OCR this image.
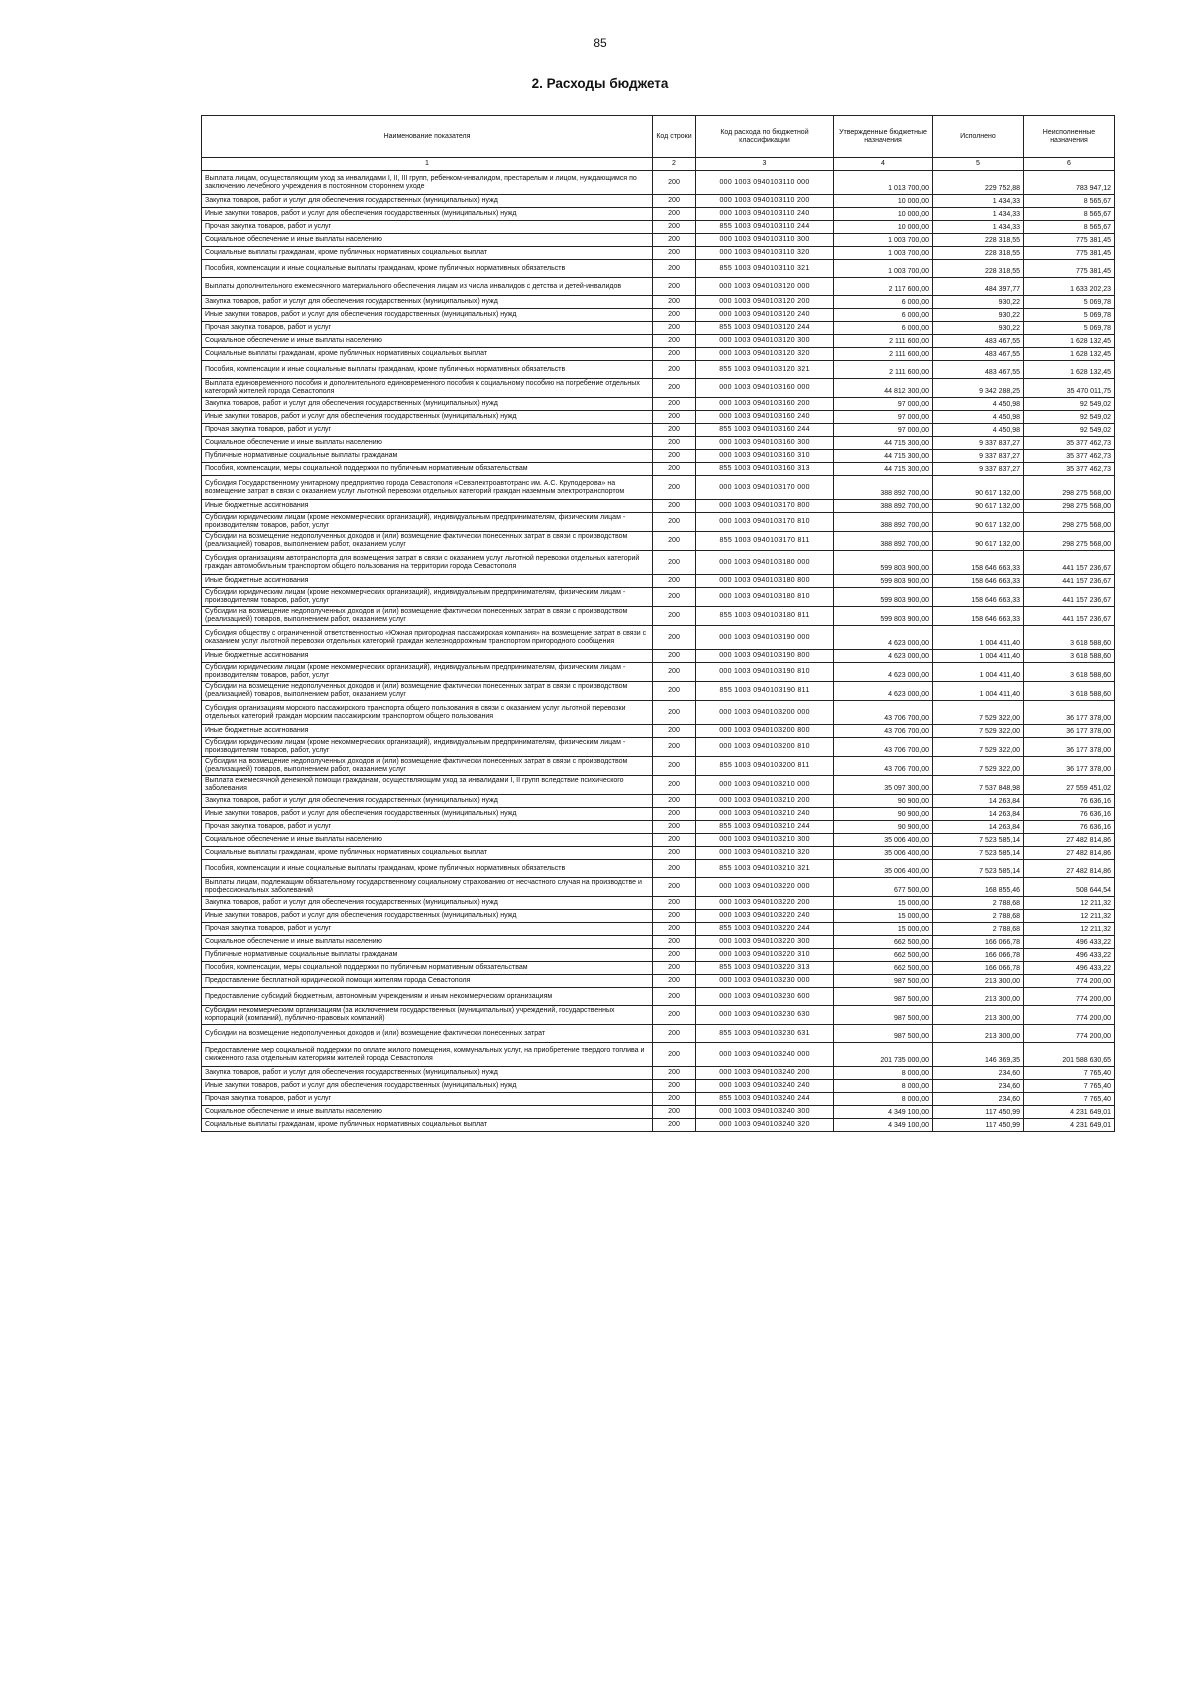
85
2. Расходы бюджета
Наименование показателя	Код строки	Код расхода по бюджетной классификации	Утвержденные бюджетные назначения	Исполнено	Неисполненные назначения
1	2	3	4	5	6
Выплата лицам, осуществляющим уход за инвалидами I, II, III групп, ребенком-инвалидом, престарелым и лицом, нуждающимся по заключению лечебного учреждения в постоянном стороннем уходе	200	000 1003 0940103110 000	1 013 700,00	229 752,88	783 947,12
Закупка товаров, работ и услуг для обеспечения государственных (муниципальных) нужд	200	000 1003 0940103110 200	10 000,00	1 434,33	8 565,67
Иные закупки товаров, работ и услуг для обеспечения государственных (муниципальных) нужд	200	000 1003 0940103110 240	10 000,00	1 434,33	8 565,67
Прочая закупка товаров, работ и услуг	200	855 1003 0940103110 244	10 000,00	1 434,33	8 565,67
Социальное обеспечение и иные выплаты населению	200	000 1003 0940103110 300	1 003 700,00	228 318,55	775 381,45
Социальные выплаты гражданам, кроме публичных нормативных социальных выплат	200	000 1003 0940103110 320	1 003 700,00	228 318,55	775 381,45
Пособия, компенсации и иные социальные выплаты гражданам, кроме публичных нормативных обязательств	200	855 1003 0940103110 321	1 003 700,00	228 318,55	775 381,45
Выплаты дополнительного ежемесячного материального обеспечения лицам из числа инвалидов с детства и детей-инвалидов	200	000 1003 0940103120 000	2 117 600,00	484 397,77	1 633 202,23
Закупка товаров, работ и услуг для обеспечения государственных (муниципальных) нужд	200	000 1003 0940103120 200	6 000,00	930,22	5 069,78
Иные закупки товаров, работ и услуг для обеспечения государственных (муниципальных) нужд	200	000 1003 0940103120 240	6 000,00	930,22	5 069,78
Прочая закупка товаров, работ и услуг	200	855 1003 0940103120 244	6 000,00	930,22	5 069,78
Социальное обеспечение и иные выплаты населению	200	000 1003 0940103120 300	2 111 600,00	483 467,55	1 628 132,45
Социальные выплаты гражданам, кроме публичных нормативных социальных выплат	200	000 1003 0940103120 320	2 111 600,00	483 467,55	1 628 132,45
Пособия, компенсации и иные социальные выплаты гражданам, кроме публичных нормативных обязательств	200	855 1003 0940103120 321	2 111 600,00	483 467,55	1 628 132,45
Выплата единовременного пособия и дополнительного единовременного пособия к социальному пособию на погребение отдельных категорий жителей города Севастополя	200	000 1003 0940103160 000	44 812 300,00	9 342 288,25	35 470 011,75
Закупка товаров, работ и услуг для обеспечения государственных (муниципальных) нужд	200	000 1003 0940103160 200	97 000,00	4 450,98	92 549,02
Иные закупки товаров, работ и услуг для обеспечения государственных (муниципальных) нужд	200	000 1003 0940103160 240	97 000,00	4 450,98	92 549,02
Прочая закупка товаров, работ и услуг	200	855 1003 0940103160 244	97 000,00	4 450,98	92 549,02
Социальное обеспечение и иные выплаты населению	200	000 1003 0940103160 300	44 715 300,00	9 337 837,27	35 377 462,73
Публичные нормативные социальные выплаты гражданам	200	000 1003 0940103160 310	44 715 300,00	9 337 837,27	35 377 462,73
Пособия, компенсации, меры социальной поддержки по публичным нормативным обязательствам	200	855 1003 0940103160 313	44 715 300,00	9 337 837,27	35 377 462,73
Субсидия Государственному унитарному предприятию города Севастополя «Севэлектроавтотранс им. А.С. Круподерова» на возмещение затрат в связи с оказанием услуг льготной перевозки отдельных категорий граждан наземным электротранспортом	200	000 1003 0940103170 000	388 892 700,00	90 617 132,00	298 275 568,00
Иные бюджетные ассигнования	200	000 1003 0940103170 800	388 892 700,00	90 617 132,00	298 275 568,00
Субсидии юридическим лицам (кроме некоммерческих организаций), индивидуальным предпринимателям, физическим лицам - производителям товаров, работ, услуг	200	000 1003 0940103170 810	388 892 700,00	90 617 132,00	298 275 568,00
Субсидии на возмещение недополученных доходов и (или) возмещение фактически понесенных затрат в связи с производством (реализацией) товаров, выполнением работ, оказанием услуг	200	855 1003 0940103170 811	388 892 700,00	90 617 132,00	298 275 568,00
Субсидия организациям автотранспорта для возмещения затрат в связи с оказанием услуг льготной перевозки отдельных категорий граждан автомобильным транспортом общего пользования на территории города Севастополя	200	000 1003 0940103180 000	599 803 900,00	158 646 663,33	441 157 236,67
Иные бюджетные ассигнования	200	000 1003 0940103180 800	599 803 900,00	158 646 663,33	441 157 236,67
Субсидии юридическим лицам (кроме некоммерческих организаций), индивидуальным предпринимателям, физическим лицам - производителям товаров, работ, услуг	200	000 1003 0940103180 810	599 803 900,00	158 646 663,33	441 157 236,67
Субсидии на возмещение недополученных доходов и (или) возмещение фактически понесенных затрат в связи с производством (реализацией) товаров, выполнением работ, оказанием услуг	200	855 1003 0940103180 811	599 803 900,00	158 646 663,33	441 157 236,67
Субсидия обществу с ограниченной ответственностью «Южная пригородная пассажирская компания» на возмещение затрат в связи с оказанием услуг льготной перевозки отдельных категорий граждан железнодорожным транспортом пригородного сообщения	200	000 1003 0940103190 000	4 623 000,00	1 004 411,40	3 618 588,60
Иные бюджетные ассигнования	200	000 1003 0940103190 800	4 623 000,00	1 004 411,40	3 618 588,60
Субсидии юридическим лицам (кроме некоммерческих организаций), индивидуальным предпринимателям, физическим лицам - производителям товаров, работ, услуг	200	000 1003 0940103190 810	4 623 000,00	1 004 411,40	3 618 588,60
Субсидии на возмещение недополученных доходов и (или) возмещение фактически понесенных затрат в связи с производством (реализацией) товаров, выполнением работ, оказанием услуг	200	855 1003 0940103190 811	4 623 000,00	1 004 411,40	3 618 588,60
Субсидия организациям морского пассажирского транспорта общего пользования в связи с оказанием услуг льготной перевозки отдельных категорий граждан морским пассажирским транспортом общего пользования	200	000 1003 0940103200 000	43 706 700,00	7 529 322,00	36 177 378,00
Иные бюджетные ассигнования	200	000 1003 0940103200 800	43 706 700,00	7 529 322,00	36 177 378,00
Субсидии юридическим лицам (кроме некоммерческих организаций), индивидуальным предпринимателям, физическим лицам - производителям товаров, работ, услуг	200	000 1003 0940103200 810	43 706 700,00	7 529 322,00	36 177 378,00
Субсидии на возмещение недополученных доходов и (или) возмещение фактически понесенных затрат в связи с производством (реализацией) товаров, выполнением работ, оказанием услуг	200	855 1003 0940103200 811	43 706 700,00	7 529 322,00	36 177 378,00
Выплата ежемесячной денежной помощи гражданам, осуществляющим уход за инвалидами I, II групп вследствие психического заболевания	200	000 1003 0940103210 000	35 097 300,00	7 537 848,98	27 559 451,02
Закупка товаров, работ и услуг для обеспечения государственных (муниципальных) нужд	200	000 1003 0940103210 200	90 900,00	14 263,84	76 636,16
Иные закупки товаров, работ и услуг для обеспечения государственных (муниципальных) нужд	200	000 1003 0940103210 240	90 900,00	14 263,84	76 636,16
Прочая закупка товаров, работ и услуг	200	855 1003 0940103210 244	90 900,00	14 263,84	76 636,16
Социальное обеспечение и иные выплаты населению	200	000 1003 0940103210 300	35 006 400,00	7 523 585,14	27 482 814,86
Социальные выплаты гражданам, кроме публичных нормативных социальных выплат	200	000 1003 0940103210 320	35 006 400,00	7 523 585,14	27 482 814,86
Пособия, компенсации и иные социальные выплаты гражданам, кроме публичных нормативных обязательств	200	855 1003 0940103210 321	35 006 400,00	7 523 585,14	27 482 814,86
Выплаты лицам, подлежащим обязательному государственному социальному страхованию от несчастного случая на производстве и профессиональных заболеваний	200	000 1003 0940103220 000	677 500,00	168 855,46	508 644,54
Закупка товаров, работ и услуг для обеспечения государственных (муниципальных) нужд	200	000 1003 0940103220 200	15 000,00	2 788,68	12 211,32
Иные закупки товаров, работ и услуг для обеспечения государственных (муниципальных) нужд	200	000 1003 0940103220 240	15 000,00	2 788,68	12 211,32
Прочая закупка товаров, работ и услуг	200	855 1003 0940103220 244	15 000,00	2 788,68	12 211,32
Социальное обеспечение и иные выплаты населению	200	000 1003 0940103220 300	662 500,00	166 066,78	496 433,22
Публичные нормативные социальные выплаты гражданам	200	000 1003 0940103220 310	662 500,00	166 066,78	496 433,22
Пособия, компенсации, меры социальной поддержки по публичным нормативным обязательствам	200	855 1003 0940103220 313	662 500,00	166 066,78	496 433,22
Предоставление бесплатной юридической помощи жителям города Севастополя	200	000 1003 0940103230 000	987 500,00	213 300,00	774 200,00
Предоставление субсидий бюджетным, автономным учреждениям и иным некоммерческим организациям	200	000 1003 0940103230 600	987 500,00	213 300,00	774 200,00
Субсидии некоммерческим организациям (за исключением государственных (муниципальных) учреждений, государственных корпораций (компаний), публично-правовых компаний)	200	000 1003 0940103230 630	987 500,00	213 300,00	774 200,00
Субсидии на возмещение недополученных доходов и (или) возмещение фактически понесенных затрат	200	855 1003 0940103230 631	987 500,00	213 300,00	774 200,00
Предоставление мер социальной поддержки по оплате жилого помещения, коммунальных услуг, на приобретение твердого топлива и сжиженного газа отдельным категориям жителей города Севастополя	200	000 1003 0940103240 000	201 735 000,00	146 369,35	201 588 630,65
Закупка товаров, работ и услуг для обеспечения государственных (муниципальных) нужд	200	000 1003 0940103240 200	8 000,00	234,60	7 765,40
Иные закупки товаров, работ и услуг для обеспечения государственных (муниципальных) нужд	200	000 1003 0940103240 240	8 000,00	234,60	7 765,40
Прочая закупка товаров, работ и услуг	200	855 1003 0940103240 244	8 000,00	234,60	7 765,40
Социальное обеспечение и иные выплаты населению	200	000 1003 0940103240 300	4 349 100,00	117 450,99	4 231 649,01
Социальные выплаты гражданам, кроме публичных нормативных социальных выплат	200	000 1003 0940103240 320	4 349 100,00	117 450,99	4 231 649,01
